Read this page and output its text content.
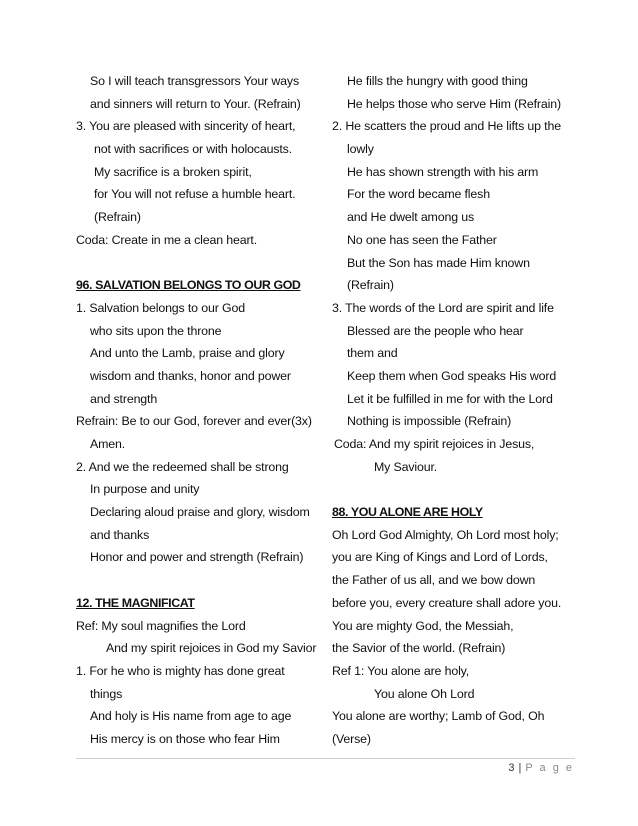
So I will teach transgressors Your ways
and sinners will return to Your. (Refrain)
3. You are pleased with sincerity of heart,
not with sacrifices or with holocausts.
My sacrifice is a broken spirit,
for You will not refuse a humble heart.
(Refrain)
Coda: Create in me a clean heart.
96. SALVATION BELONGS TO OUR GOD
1. Salvation belongs to our God
who sits upon the throne
And unto the Lamb, praise and glory
wisdom and thanks, honor and power
and strength
Refrain: Be to our God, forever and ever(3x)
Amen.
2. And we the redeemed shall be strong
In purpose and unity
Declaring aloud praise and glory, wisdom
and thanks
Honor and power and strength (Refrain)
12. THE MAGNIFICAT
Ref: My soul magnifies the Lord
And my spirit rejoices in God my Savior
1. For he who is mighty has done great
things
And holy is His name from age to age
His mercy is on those who fear Him
He fills the hungry with good thing
He helps those who serve Him (Refrain)
2. He scatters the proud and He lifts up the
lowly
He has shown strength with his arm
For the word became flesh
and He dwelt among us
No one has seen the Father
But the Son has made Him known
(Refrain)
3. The words of the Lord are spirit and life
Blessed are the people who hear
them and
Keep them when God speaks His word
Let it be fulfilled in me for with the Lord
Nothing is impossible (Refrain)
Coda: And my spirit rejoices in Jesus,
My Saviour.
88. YOU ALONE ARE HOLY
Oh Lord God Almighty, Oh Lord most holy;
you are King of Kings and Lord of Lords,
the Father of us all, and we bow down
before you, every creature shall adore you.
You are mighty God, the Messiah,
the Savior of the world. (Refrain)
Ref 1: You alone are holy,
You alone Oh Lord
You alone are worthy; Lamb of God, Oh
(Verse)
3 | P a g e
